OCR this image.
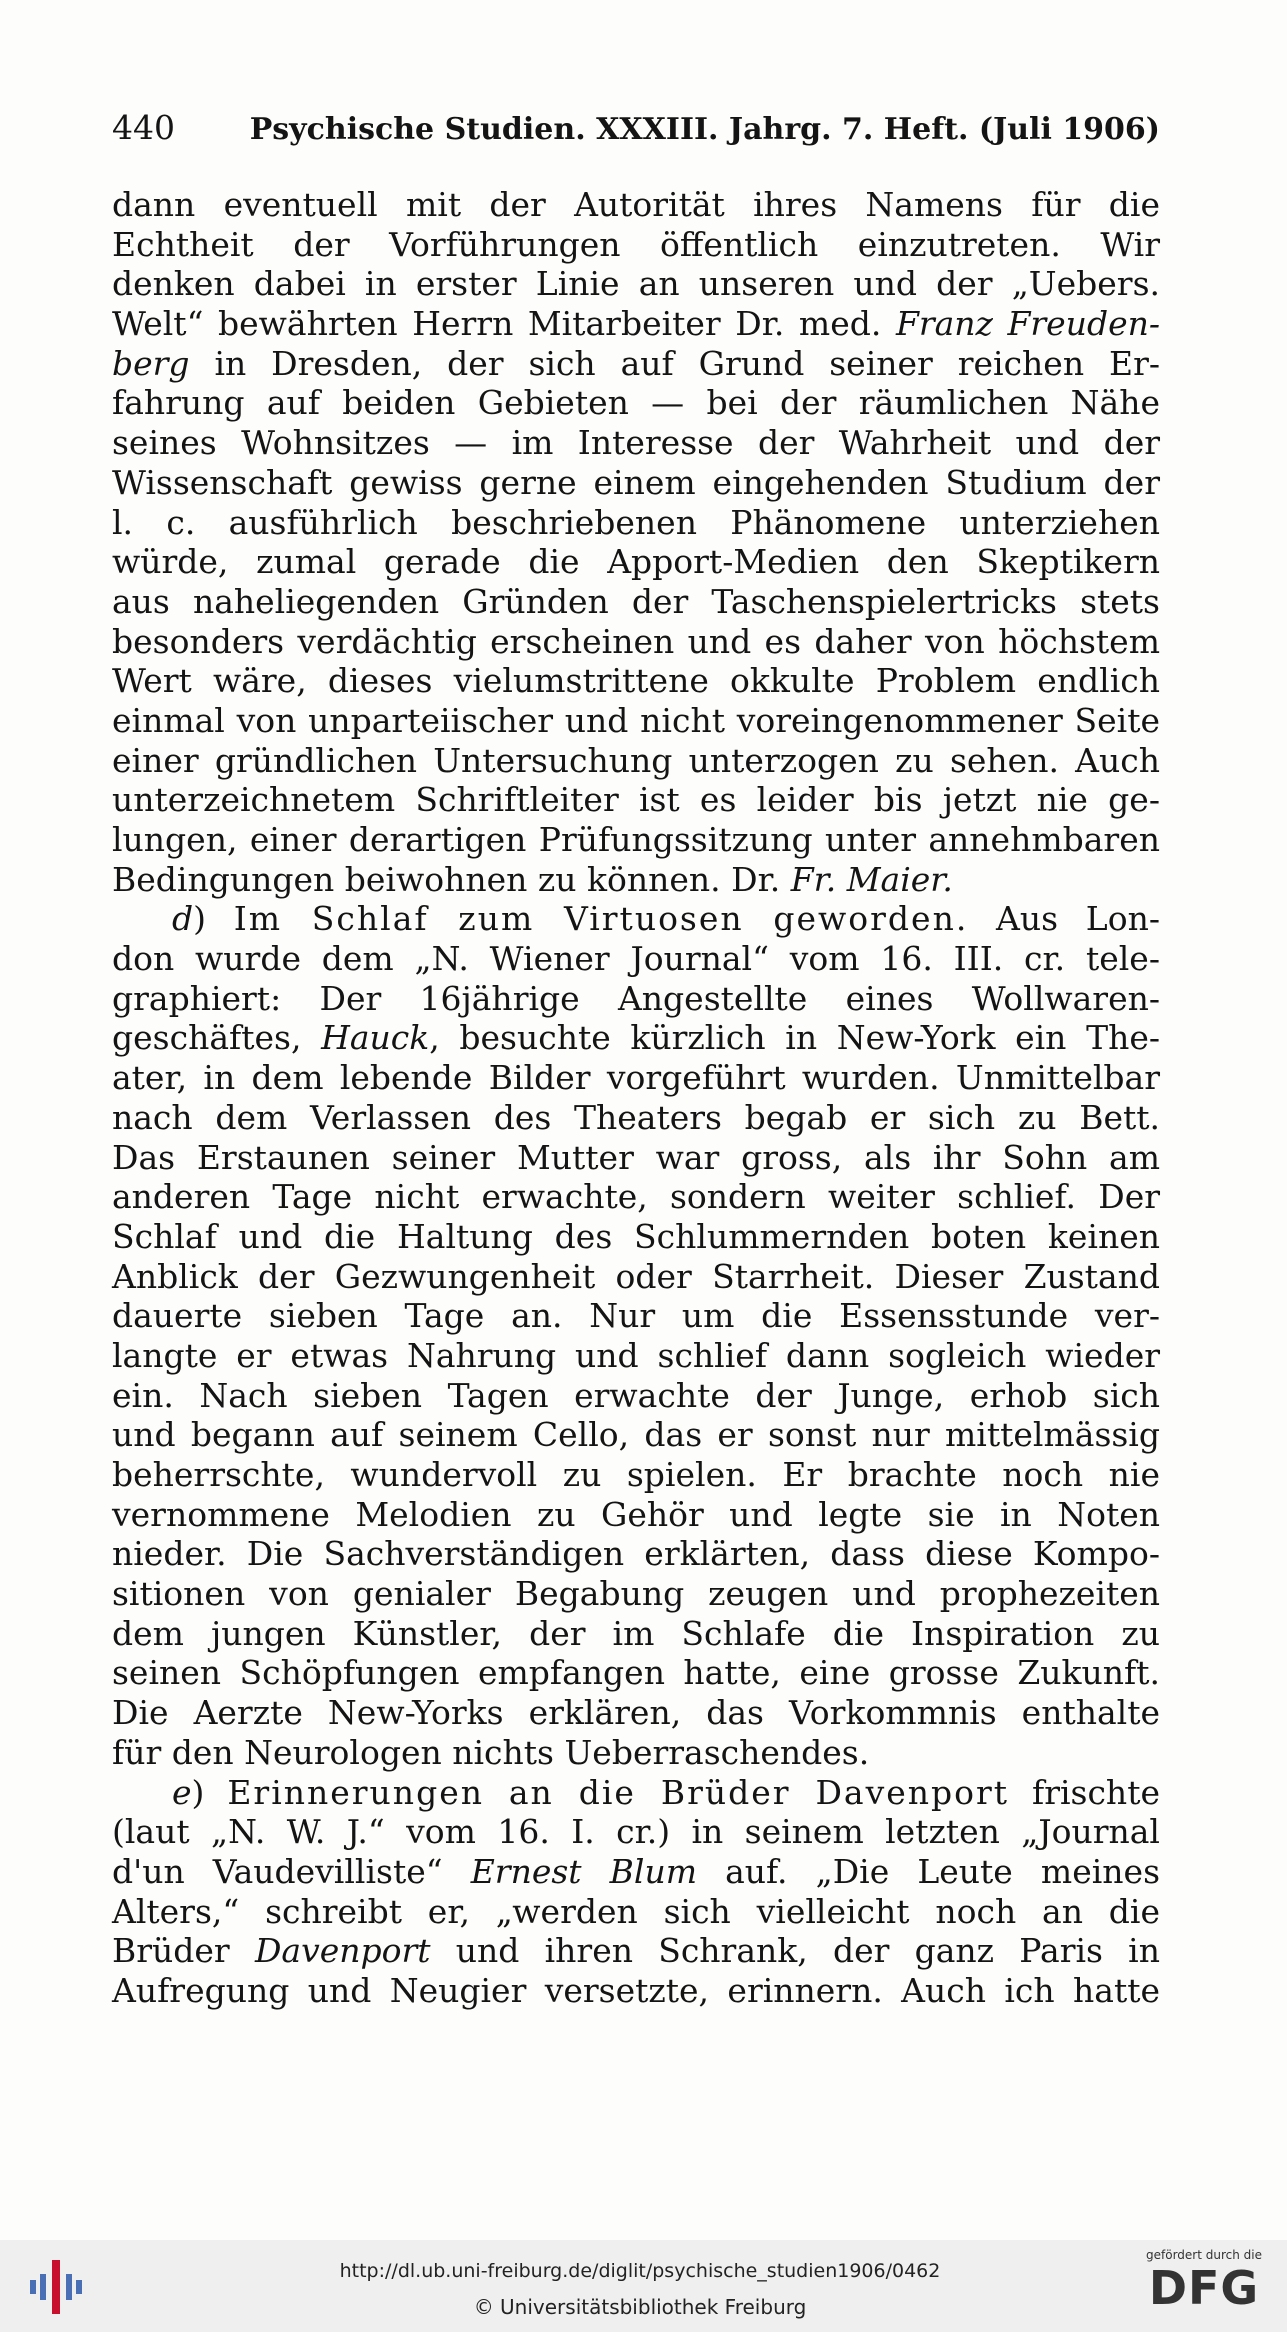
440 Psychische Studien. XXXIII. Jahrg. 7. Heft. (Juli 1906)
dann eventuell mit der Autorität ihres Namens für die
Echtheit der Vorführungen öffentlich einzutreten. Wir
denken dabei in erster Linie an unseren und der „Uebers.
Welt“ bewährten Herrn Mitarbeiter Dr. med. Franz Freuden-
berg in Dresden, der sich auf Grund seiner reichen Er-
fahrung auf beiden Gebieten — bei der räumlichen Nähe
seines Wohnsitzes — im Interesse der Wahrheit und der
Wissenschaft gewiss gerne einem eingehenden Studium der
l. c. ausführlich beschriebenen Phänomene unterziehen
würde, zumal gerade die Apport-Medien den Skeptikern
aus naheliegenden Gründen der Taschenspielertricks stets
besonders verdächtig erscheinen und es daher von höchstem
Wert wäre, dieses vielumstrittene okkulte Problem endlich
einmal von unparteiischer und nicht voreingenommener Seite
einer gründlichen Untersuchung unterzogen zu sehen. Auch
unterzeichnetem Schriftleiter ist es leider bis jetzt nie ge-
lungen, einer derartigen Prüfungssitzung unter annehmbaren
Bedingungen beiwohnen zu können. Dr. Fr. Maier.
d) Im Schlaf zum Virtuosen geworden. Aus Lon-
don wurde dem „N. Wiener Journal“ vom 16. III. cr. tele-
graphiert: Der 16jährige Angestellte eines Wollwaren-
geschäftes, Hauck, besuchte kürzlich in New-York ein The-
ater, in dem lebende Bilder vorgeführt wurden. Unmittelbar
nach dem Verlassen des Theaters begab er sich zu Bett.
Das Erstaunen seiner Mutter war gross, als ihr Sohn am
anderen Tage nicht erwachte, sondern weiter schlief. Der
Schlaf und die Haltung des Schlummernden boten keinen
Anblick der Gezwungenheit oder Starrheit. Dieser Zustand
dauerte sieben Tage an. Nur um die Essensstunde ver-
langte er etwas Nahrung und schlief dann sogleich wieder
ein. Nach sieben Tagen erwachte der Junge, erhob sich
und begann auf seinem Cello, das er sonst nur mittelmässig
beherrschte, wundervoll zu spielen. Er brachte noch nie
vernommene Melodien zu Gehör und legte sie in Noten
nieder. Die Sachverständigen erklärten, dass diese Kompo-
sitionen von genialer Begabung zeugen und prophezeiten
dem jungen Künstler, der im Schlafe die Inspiration zu
seinen Schöpfungen empfangen hatte, eine grosse Zukunft.
Die Aerzte New-Yorks erklären, das Vorkommnis enthalte
für den Neurologen nichts Ueberraschendes.
e) Erinnerungen an die Brüder Davenport frischte
(laut „N. W. J.“ vom 16. I. cr.) in seinem letzten „Journal
d'un Vaudevilliste“ Ernest Blum auf. „Die Leute meines
Alters,“ schreibt er, „werden sich vielleicht noch an die
Brüder Davenport und ihren Schrank, der ganz Paris in
Aufregung und Neugier versetzte, erinnern. Auch ich hatte
http://dl.ub.uni-freiburg.de/diglit/psychische_studien1906/0462
© Universitätsbibliothek Freiburg
gefördert durch die
DFG
